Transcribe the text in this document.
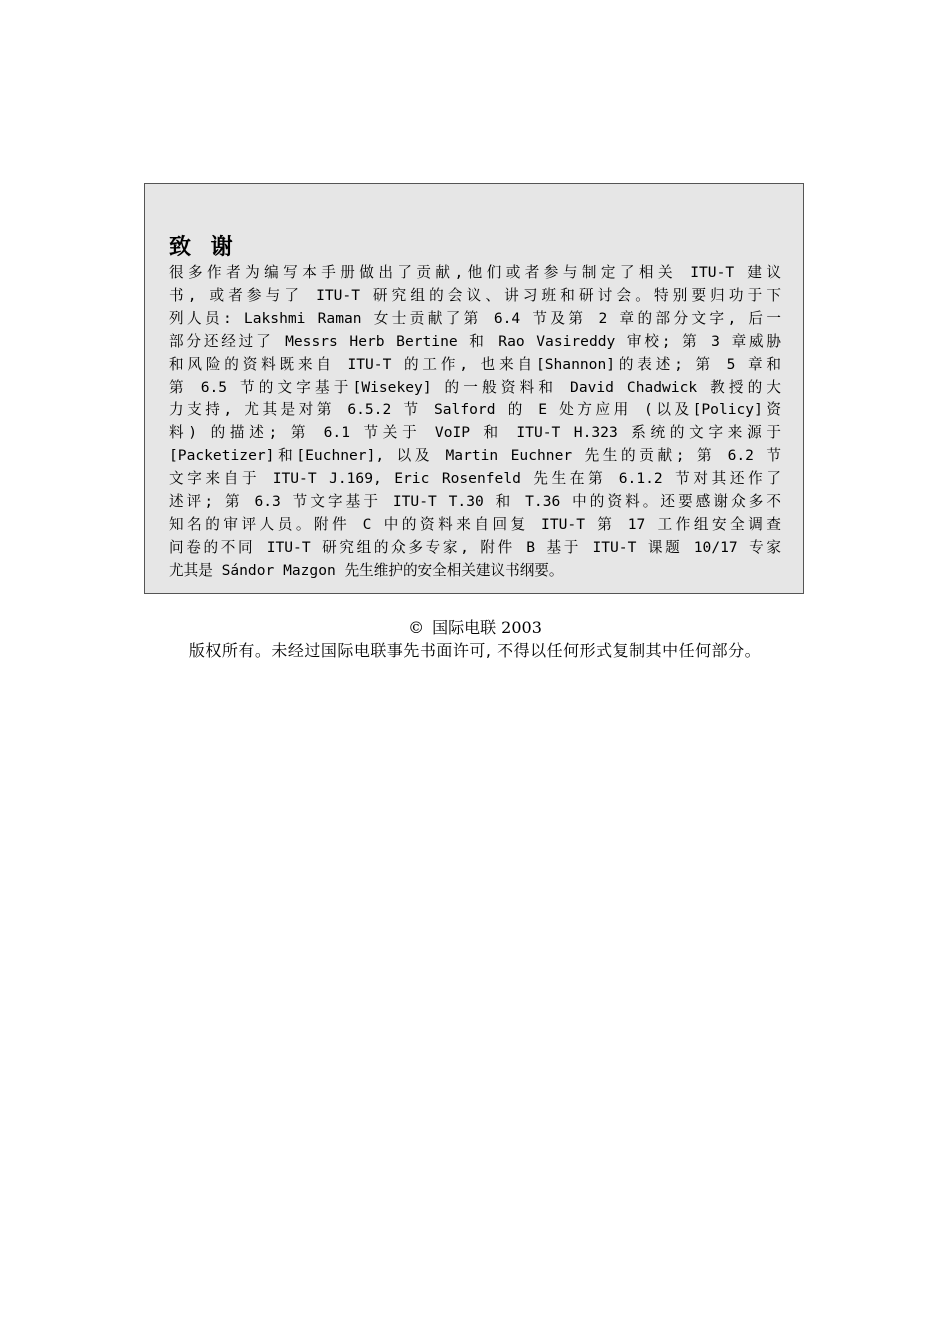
致 谢
很多作者为编写本手册做出了贡献,他们或者参与制定了相关 ITU-T 建议
书, 或者参与了 ITU-T 研究组的会议、讲习班和研讨会。特别要归功于下
列人员: Lakshmi Raman 女士贡献了第 6.4 节及第 2 章的部分文字, 后一
部分还经过了 Messrs Herb Bertine 和 Rao Vasireddy 审校; 第 3 章威胁
和风险的资料既来自 ITU-T 的工作, 也来自[Shannon]的表述; 第 5 章和
第 6.5 节的文字基于[Wisekey] 的一般资料和 David Chadwick 教授的大
力支持, 尤其是对第 6.5.2 节 Salford 的 E 处方应用 (以及[Policy]资
料) 的描述; 第 6.1 节关于 VoIP 和 ITU-T H.323 系统的文字来源于
[Packetizer]和[Euchner], 以及 Martin Euchner 先生的贡献; 第 6.2 节
文字来自于 ITU-T J.169, Eric Rosenfeld 先生在第 6.1.2 节对其还作了
述评; 第 6.3 节文字基于 ITU-T T.30 和 T.36 中的资料。还要感谢众多不
知名的审评人员。附件 C 中的资料来自回复 ITU-T 第 17 工作组安全调查
问卷的不同 ITU-T 研究组的众多专家, 附件 B 基于 ITU-T 课题 10/17 专家
尤其是 Sándor Mazgon 先生维护的安全相关建议书纲要。
© 国际电联 2003
版权所有。未经过国际电联事先书面许可, 不得以任何形式复制其中任何部分。
